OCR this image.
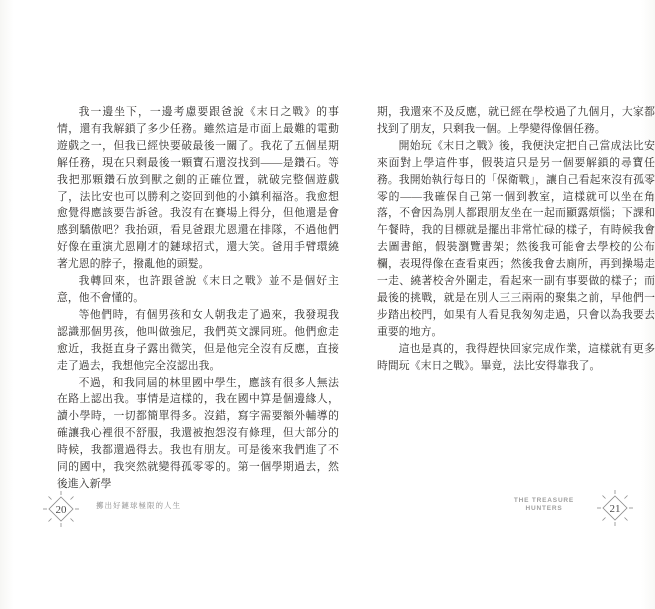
我一邊坐下，一邊考慮要跟爸說《末日之戰》的事情，還有我解鎖了多少任務。雖然這是市面上最難的電動遊戲之一，但我已經快要破最後一關了。我花了五個星期解任務，現在只剩最後一顆寶石還沒找到——是鑽石。等我把那顆鑽石放到獸之劍的正確位置，就破完整個遊戲了，法比安也可以勝利之姿回到他的小鎮利福洛。我愈想愈覺得應該要告訴爸。我沒有在賽場上得分，但他還是會感到驕傲吧？我抬頭，看見爸跟尤恩還在排隊，不過他們好像在重演尤恩剛才的鏈球招式，還大笑。爸用手臂環繞著尤恩的脖子，撥亂他的頭髮。

我轉回來，也許跟爸說《末日之戰》並不是個好主意，他不會懂的。

等他們時，有個男孩和女人朝我走了過來，我發現我認識那個男孩，他叫做強尼，我們英文課同班。他們愈走愈近，我挺直身子露出微笑，但是他完全沒有反應，直接走了過去，我想他完全沒認出我。

不過，和我同屆的林里國中學生，應該有很多人無法在路上認出我。事情是這樣的，我在國中算是個邊緣人，讀小學時，一切都簡單得多。沒錯，寫字需要額外輔導的確讓我心裡很不舒服，我還被抱怨沒有條理，但大部分的時候，我都還過得去。我也有朋友。可是後來我們進了不同的國中，我突然就變得孤零零的。第一個學期過去，然後進入新學

期，我還來不及反應，就已經在學校過了九個月，大家都找到了朋友，只剩我一個。上學變得像個任務。

開始玩《末日之戰》後，我便決定把自己當成法比安來面對上學這件事，假裝這只是另一個要解鎖的尋寶任務。我開始執行每日的「保衛戰」，讓自己看起來沒有孤零零的——我確保自己第一個到教室，這樣就可以坐在角落，不會因為別人都跟朋友坐在一起而顯露煩惱；下課和午餐時，我的目標就是擺出非常忙碌的樣子，有時候我會去圖書館，假裝瀏覽書架；然後我可能會去學校的公布欄，表現得像在查看東西；然後我會去廁所，再到操場走一走、繞著校舍外圍走，看起來一副有事要做的樣子；而最後的挑戰，就是在別人三三兩兩的聚集之前，早他們一步踏出校門，如果有人看見我匆匆走過，只會以為我要去重要的地方。

這也是真的，我得趕快回家完成作業，這樣就有更多時間玩《末日之戰》。畢竟，法比安得靠我了。

20	擲出好鏈球極限的人生
THE TREASURE
HUNTERS	21
